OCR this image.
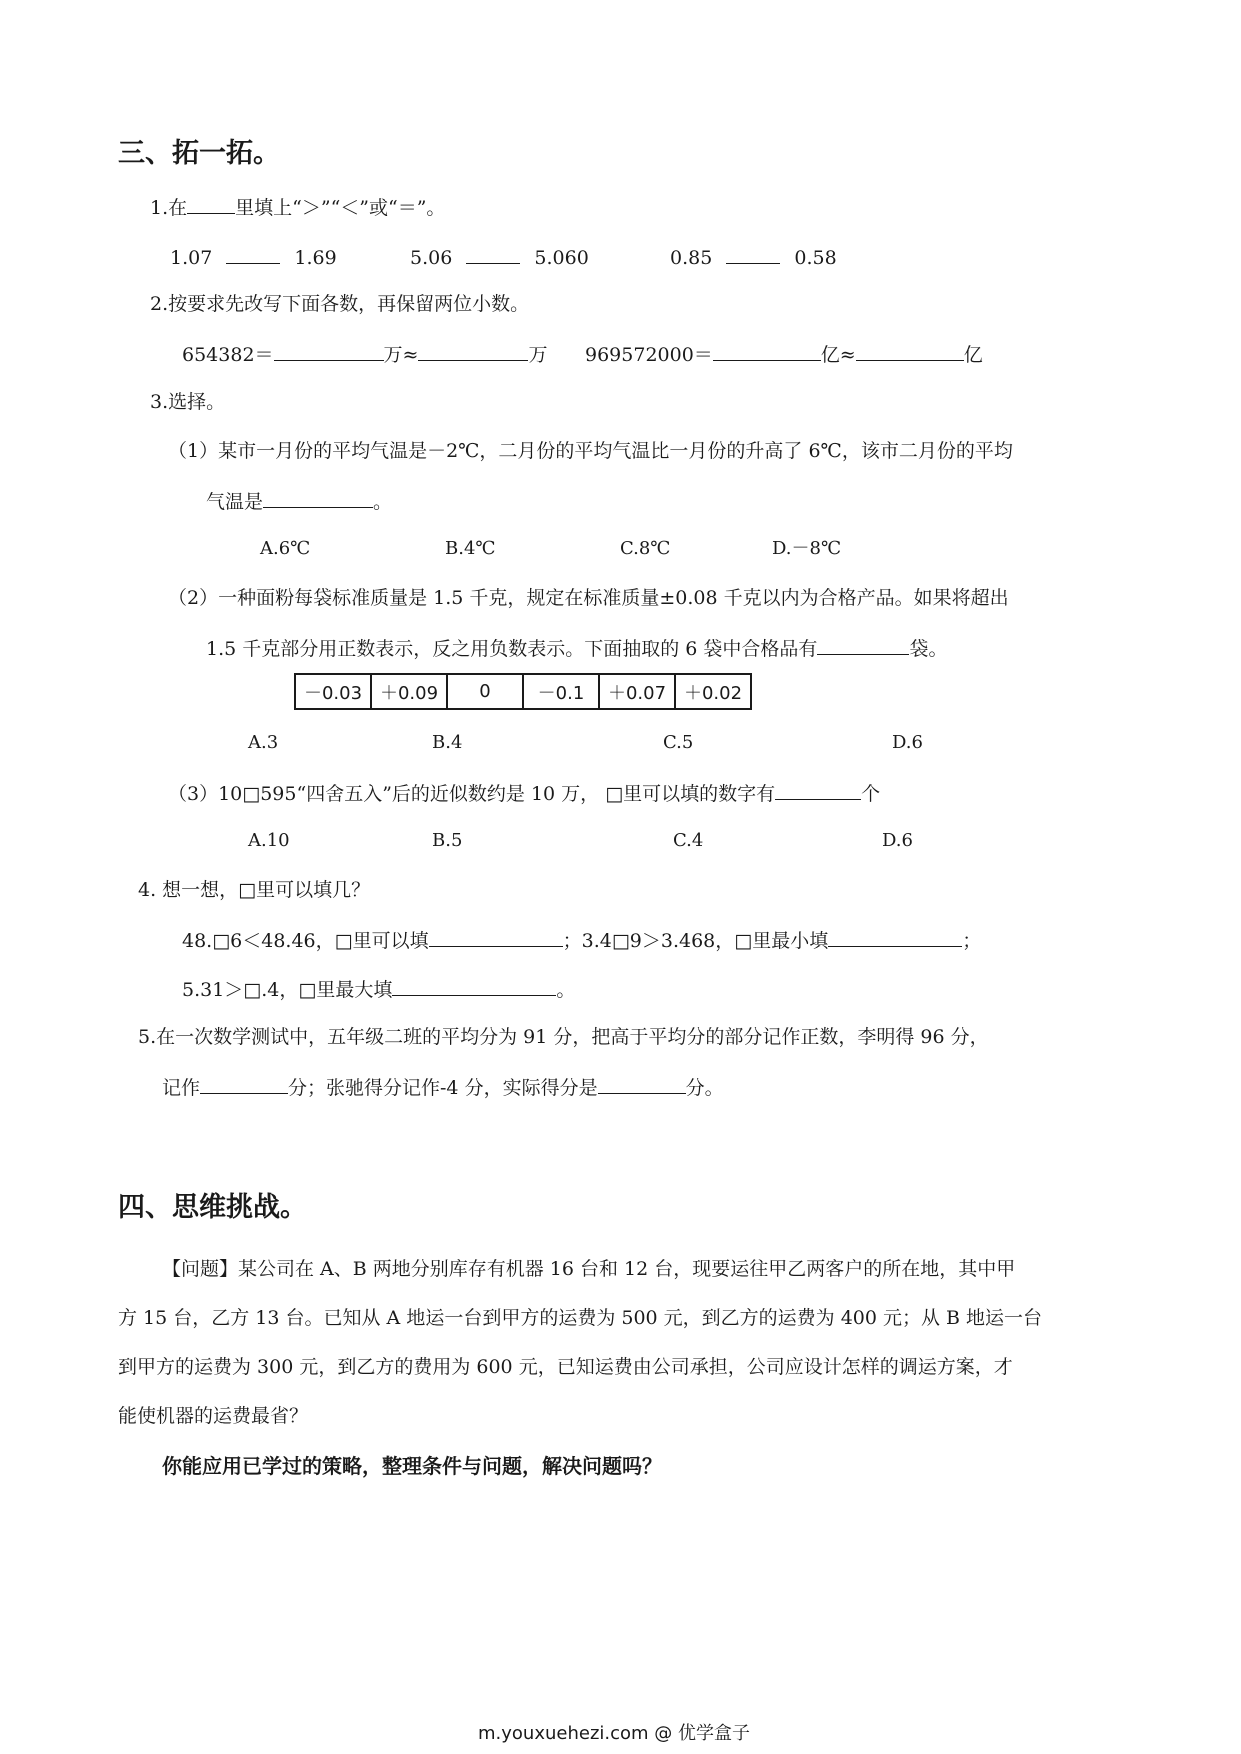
三、拓一拓。
1.在	里填上“＞”“＜”或“＝”。
1.07	1.69	5.06	5.060	0.85	0.58
2.按要求先改写下面各数，再保留两位小数。
654382＝	万≈	万 969572000＝	亿≈	亿
3.选择。
（1）某市一月份的平均气温是－2℃，二月份的平均气温比一月份的升高了 6℃，该市二月份的平均
气温是	。
A.6℃	B.4℃	C.8℃	D.－8℃
（2）一种面粉每袋标准质量是 1.5 千克，规定在标准质量±0.08 千克以内为合格产品。如果将超出
1.5 千克部分用正数表示，反之用负数表示。下面抽取的 6 袋中合格品有	袋。
－0.03	＋0.09	0	－0.1	＋0.07	＋0.02
A.3	B.4	C.5	D.6
（3）10□595“四舍五入”后的近似数约是 10 万， □里可以填的数字有	个
A.10	B.5	C.4	D.6
4. 想一想，□里可以填几？
48.□6＜48.46，□里可以填	；3.4□9＞3.468，□里最小填	；
5.31＞□.4，□里最大填	。
5.在一次数学测试中，五年级二班的平均分为 91 分，把高于平均分的部分记作正数，李明得 96 分，
记作	分；张驰得分记作-4 分，实际得分是	分。
四、思维挑战。
【问题】某公司在 A、B 两地分别库存有机器 16 台和 12 台，现要运往甲乙两客户的所在地，其中甲
方 15 台，乙方 13 台。已知从 A 地运一台到甲方的运费为 500 元，到乙方的运费为 400 元；从 B 地运一台
到甲方的运费为 300 元，到乙方的费用为 600 元，已知运费由公司承担，公司应设计怎样的调运方案，才
能使机器的运费最省？
你能应用已学过的策略，整理条件与问题，解决问题吗？
m.youxuehezi.com @ 优学盒子
